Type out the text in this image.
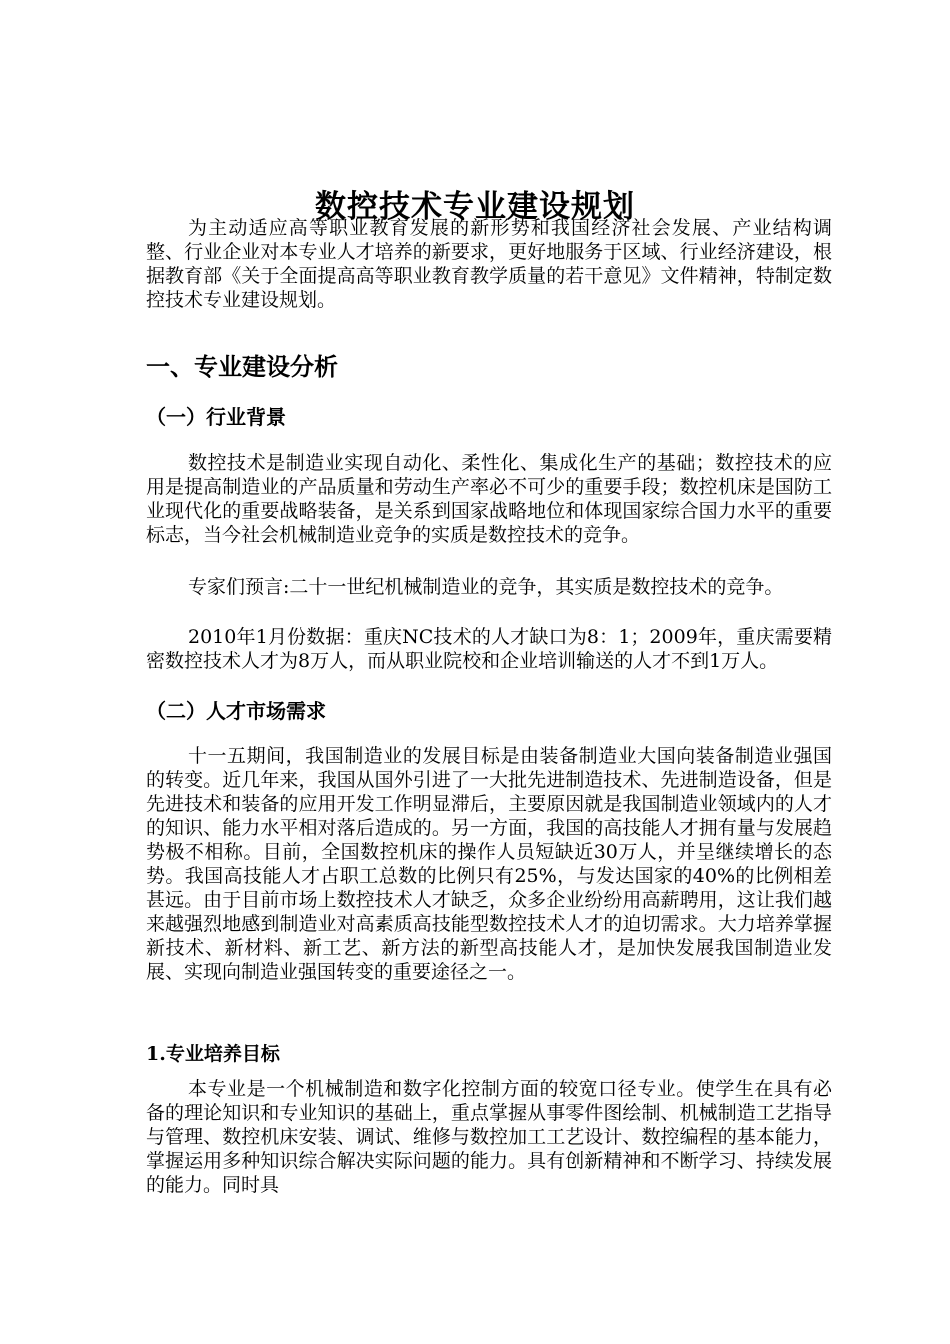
数控技术专业建设规划

为主动适应高等职业教育发展的新形势和我国经济社会发展、产业结构调整、行业企业对本专业人才培养的新要求，更好地服务于区域、行业经济建设，根据教育部《关于全面提高高等职业教育教学质量的若干意见》文件精神，特制定数控技术专业建设规划。

一、专业建设分析
（一）行业背景

数控技术是制造业实现自动化、柔性化、集成化生产的基础；数控技术的应用是提高制造业的产品质量和劳动生产率必不可少的重要手段；数控机床是国防工业现代化的重要战略装备，是关系到国家战略地位和体现国家综合国力水平的重要标志，当今社会机械制造业竞争的实质是数控技术的竞争。

专家们预言:二十一世纪机械制造业的竞争，其实质是数控技术的竞争。

2010年1月份数据：重庆NC技术的人才缺口为8：1；2009年，重庆需要精密数控技术人才为8万人，而从职业院校和企业培训输送的人才不到1万人。

（二）人才市场需求

十一五期间，我国制造业的发展目标是由装备制造业大国向装备制造业强国的转变。近几年来，我国从国外引进了一大批先进制造技术、先进制造设备，但是先进技术和装备的应用开发工作明显滞后，主要原因就是我国制造业领域内的人才的知识、能力水平相对落后造成的。另一方面，我国的高技能人才拥有量与发展趋势极不相称。目前，全国数控机床的操作人员短缺近30万人，并呈继续增长的态势。我国高技能人才占职工总数的比例只有25%，与发达国家的40%的比例相差甚远。由于目前市场上数控技术人才缺乏，众多企业纷纷用高薪聘用，这让我们越来越强烈地感到制造业对高素质高技能型数控技术人才的迫切需求。大力培养掌握新技术、新材料、新工艺、新方法的新型高技能人才，是加快发展我国制造业发展、实现向制造业强国转变的重要途径之一。

1.专业培养目标

本专业是一个机械制造和数字化控制方面的较宽口径专业。使学生在具有必备的理论知识和专业知识的基础上，重点掌握从事零件图绘制、机械制造工艺指导与管理、数控机床安装、调试、维修与数控加工工艺设计、数控编程的基本能力，掌握运用多种知识综合解决实际问题的能力。具有创新精神和不断学习、持续发展的能力。同时具
